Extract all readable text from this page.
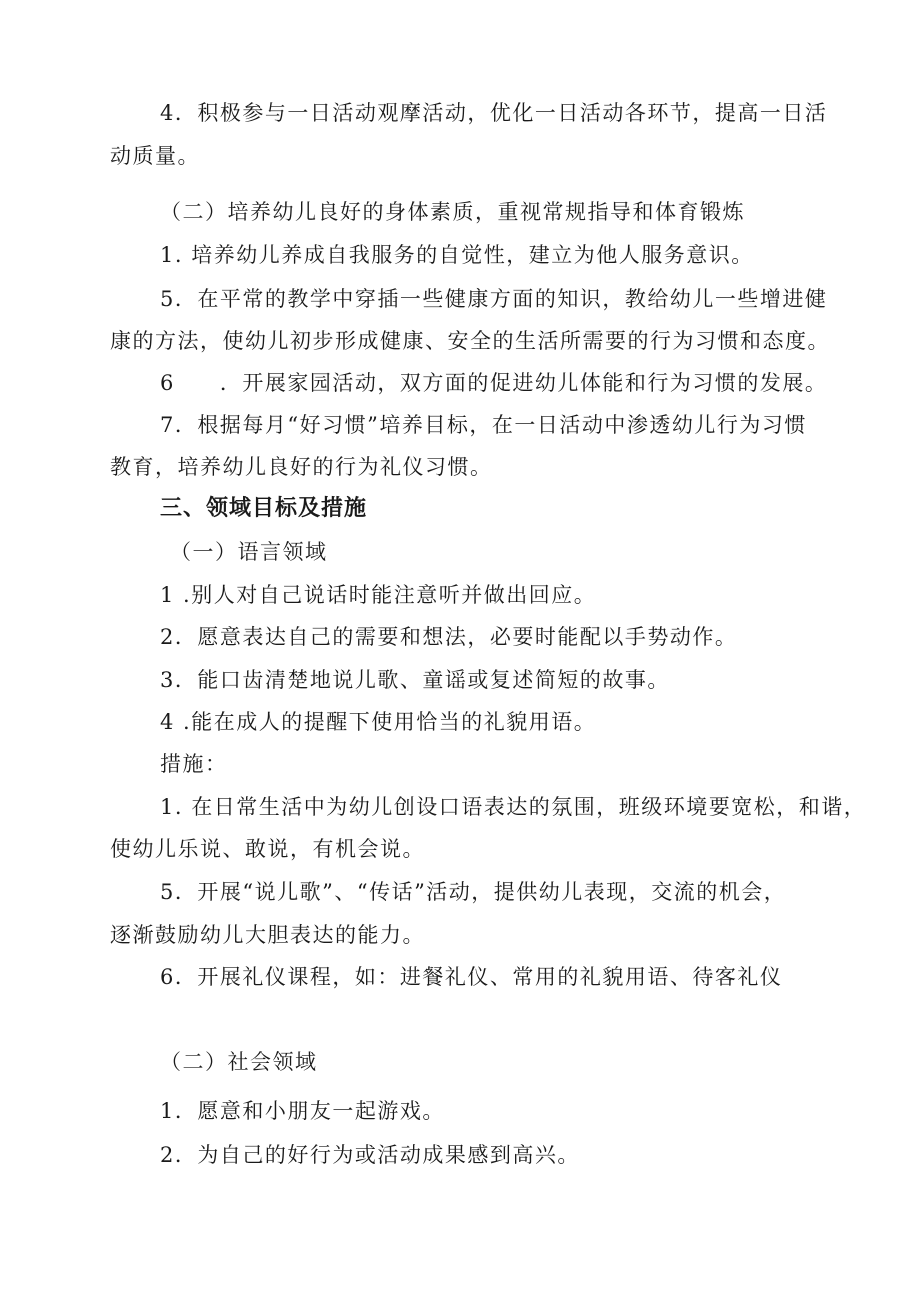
4．积极参与一日活动观摩活动，优化一日活动各环节，提高一日活
动质量。
（二）培养幼儿良好的身体素质，重视常规指导和体育锻炼
1. 培养幼儿养成自我服务的自觉性，建立为他人服务意识。
5．在平常的教学中穿插一些健康方面的知识，教给幼儿一些增进健
康的方法，使幼儿初步形成健康、安全的生活所需要的行为习惯和态度。
6　　．开展家园活动，双方面的促进幼儿体能和行为习惯的发展。
7．根据每月“好习惯”培养目标，在一日活动中渗透幼儿行为习惯
教育，培养幼儿良好的行为礼仪习惯。
三、领域目标及措施
（一）语言领域
1 .别人对自己说话时能注意听并做出回应。
2．愿意表达自己的需要和想法，必要时能配以手势动作。
3．能口齿清楚地说儿歌、童谣或复述简短的故事。
4 .能在成人的提醒下使用恰当的礼貌用语。
措施：
1. 在日常生活中为幼儿创设口语表达的氛围，班级环境要宽松，和谐，
使幼儿乐说、敢说，有机会说。
5．开展“说儿歌”、“传话”活动，提供幼儿表现，交流的机会，
逐渐鼓励幼儿大胆表达的能力。
6．开展礼仪课程，如：进餐礼仪、常用的礼貌用语、待客礼仪
（二）社会领域
1．愿意和小朋友一起游戏。
2．为自己的好行为或活动成果感到高兴。
